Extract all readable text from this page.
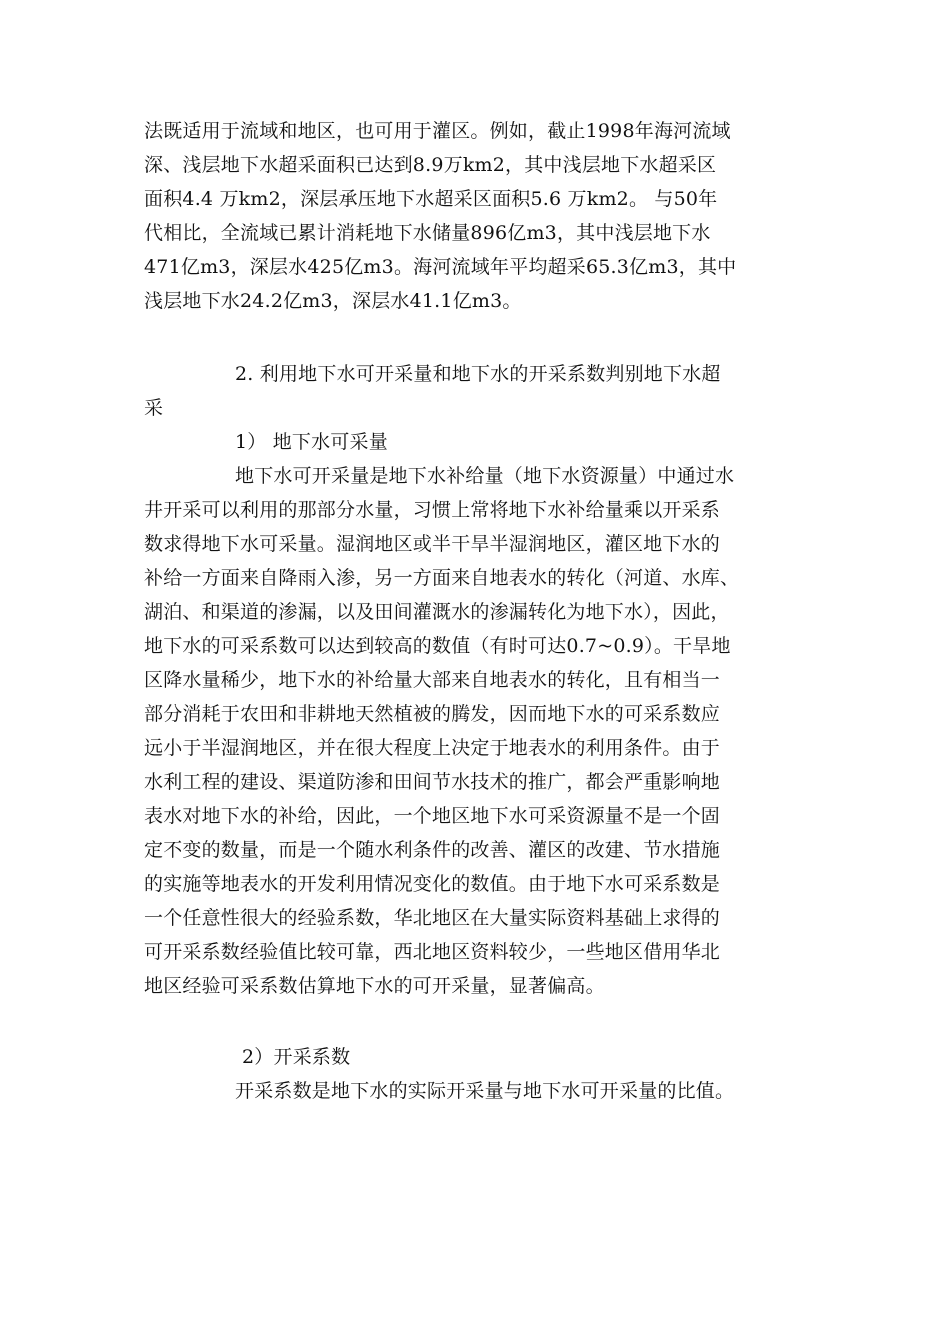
法既适用于流域和地区，也可用于灌区。例如，截止1998年海河流域
深、浅层地下水超采面积已达到8.9万km2，其中浅层地下水超采区
面积4.4 万km2，深层承压地下水超采区面积5.6 万km2。 与50年
代相比，全流域已累计消耗地下水储量896亿m3，其中浅层地下水
471亿m3，深层水425亿m3。海河流域年平均超采65.3亿m3，其中
浅层地下水24.2亿m3，深层水41.1亿m3。
2. 利用地下水可开采量和地下水的开采系数判别地下水超
采
1） 地下水可采量
地下水可开采量是地下水补给量（地下水资源量）中通过水
井开采可以利用的那部分水量，习惯上常将地下水补给量乘以开采系
数求得地下水可采量。湿润地区或半干旱半湿润地区，灌区地下水的
补给一方面来自降雨入渗，另一方面来自地表水的转化（河道、水库、
湖泊、和渠道的渗漏，以及田间灌溉水的渗漏转化为地下水），因此，
地下水的可采系数可以达到较高的数值（有时可达0.7~0.9）。干旱地
区降水量稀少，地下水的补给量大部来自地表水的转化，且有相当一
部分消耗于农田和非耕地天然植被的腾发，因而地下水的可采系数应
远小于半湿润地区，并在很大程度上决定于地表水的利用条件。由于
水利工程的建设、渠道防渗和田间节水技术的推广，都会严重影响地
表水对地下水的补给，因此，一个地区地下水可采资源量不是一个固
定不变的数量，而是一个随水利条件的改善、灌区的改建、节水措施
的实施等地表水的开发利用情况变化的数值。由于地下水可采系数是
一个任意性很大的经验系数，华北地区在大量实际资料基础上求得的
可开采系数经验值比较可靠，西北地区资料较少，一些地区借用华北
地区经验可采系数估算地下水的可开采量，显著偏高。
2）开采系数
开采系数是地下水的实际开采量与地下水可开采量的比值。
